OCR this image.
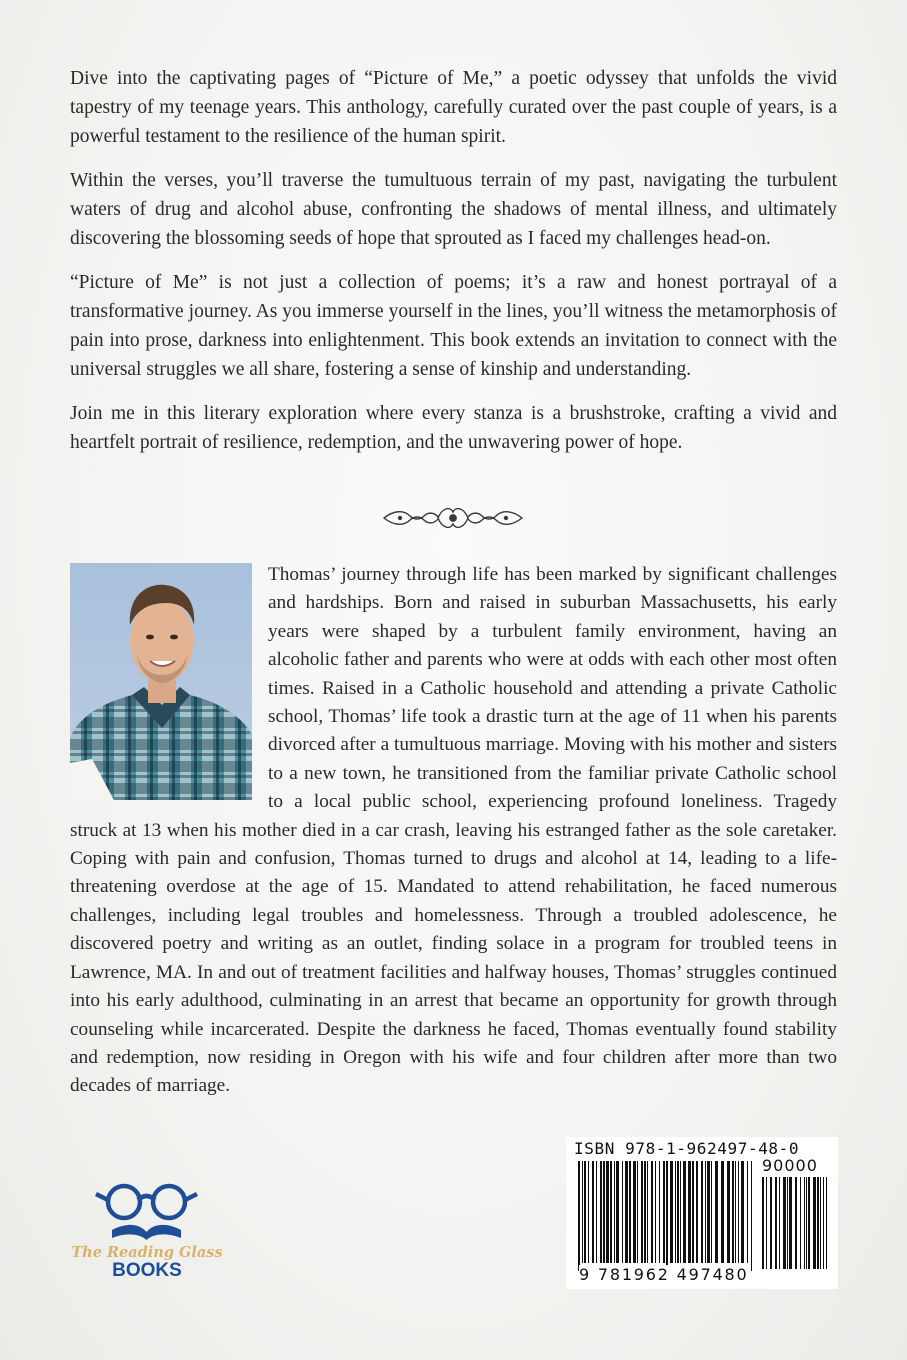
Dive into the captivating pages of “Picture of Me,” a poetic odyssey that unfolds the vivid tapestry of my teenage years. This anthology, carefully curated over the past couple of years, is a powerful testament to the resilience of the human spirit.

Within the verses, you’ll traverse the tumultuous terrain of my past, navigating the turbulent waters of drug and alcohol abuse, confronting the shadows of mental illness, and ultimately discovering the blossoming seeds of hope that sprouted as I faced my challenges head-on.

“Picture of Me” is not just a collection of poems; it’s a raw and honest portrayal of a transformative journey. As you immerse yourself in the lines, you’ll witness the metamorphosis of pain into prose, darkness into enlightenment. This book extends an invitation to connect with the universal struggles we all share, fostering a sense of kinship and understanding.

Join me in this literary exploration where every stanza is a brushstroke, crafting a vivid and heartfelt portrait of resilience, redemption, and the unwavering power of hope.

Thomas’ journey through life has been marked by significant challenges and hardships. Born and raised in suburban Massachusetts, his early years were shaped by a turbulent family environment, having an alcoholic father and parents who were at odds with each other most often times. Raised in a Catholic household and attending a private Catholic school, Thomas’ life took a drastic turn at the age of 11 when his parents divorced after a tumultuous marriage. Moving with his mother and sisters to a new town, he transitioned from the familiar private Catholic school to a local public school, experiencing profound loneliness. Tragedy struck at 13 when his mother died in a car crash, leaving his estranged father as the sole caretaker. Coping with pain and confusion, Thomas turned to drugs and alcohol at 14, leading to a life-threatening overdose at the age of 15. Mandated to attend rehabilitation, he faced numerous challenges, including legal troubles and homelessness. Through a troubled adolescence, he discovered poetry and writing as an outlet, finding solace in a program for troubled teens in Lawrence, MA. In and out of treatment facilities and halfway houses, Thomas’ struggles continued into his early adulthood, culminating in an arrest that became an opportunity for growth through counseling while incarcerated. Despite the darkness he faced, Thomas eventually found stability and redemption, now residing in Oregon with his wife and four children after more than two decades of marriage.

The Reading Glass
BOOKS
ISBN 978-1-962497-48-0
90000
9 781962 497480
